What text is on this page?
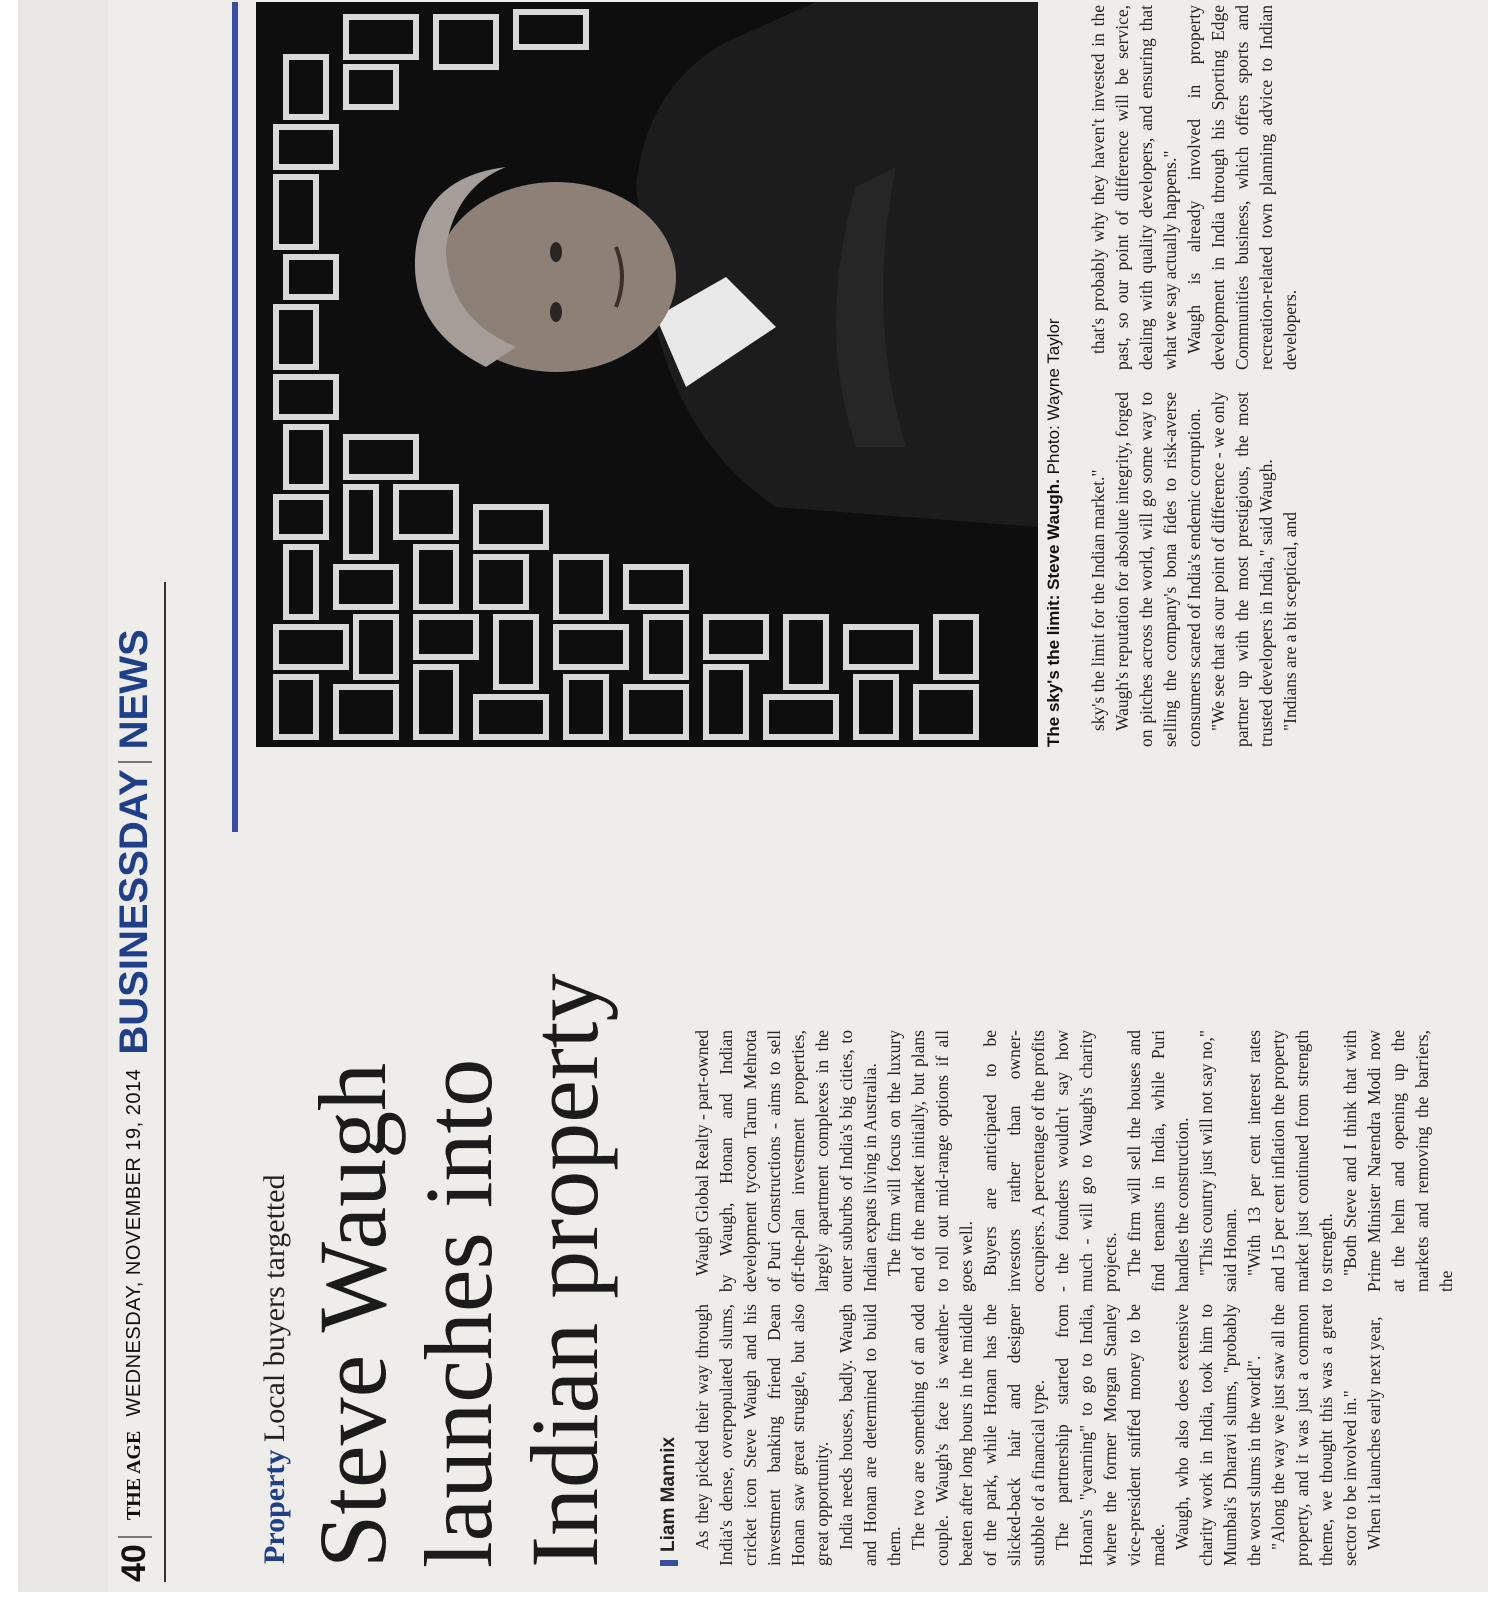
40THE AGE WEDNESDAY, NOVEMBER 19, 2014 BUSINESSDAYNEWS
Property Local buyers targetted Steve Waugh launches into Indian property Liam Mannix As they picked their way through India's dense, overpopulated slums, cricket icon Steve Waugh and his investment banking friend Dean Honan saw great struggle, but also great opportunity. India needs houses, badly. Waugh and Honan are determined to build them. The two are something of an odd couple. Waugh's face is weather-beaten after long hours in the middle of the park, while Honan has the slicked-back hair and designer stubble of a financial type. The partnership started from Honan's "yearning" to go to India, where the former Morgan Stanley vice-president sniffed money to be made. Waugh, who also does extensive charity work in India, took him to Mumbai's Dharavi slums, "probably the worst slums in the world". "Along the way we just saw all the property, and it was just a common theme, we thought this was a great sector to be involved in." When it launches early next year,

Waugh Global Realty - part-owned by Waugh, Honan and Indian development tycoon Tarun Mehrota of Puri Constructions - aims to sell off-the-plan investment properties, largely apartment complexes in the outer suburbs of India's big cities, to Indian expats living in Australia. The firm will focus on the luxury end of the market initially, but plans to roll out mid-range options if all goes well. Buyers are anticipated to be investors rather than owner-occupiers. A percentage of the profits - the founders wouldn't say how much - will go to Waugh's charity projects. The firm will sell the houses and find tenants in India, while Puri handles the construction. "This country just will not say no," said Honan. "With 13 per cent interest rates and 15 per cent inflation the property market just continued from strength to strength. "Both Steve and I think that with Prime Minister Narendra Modi now at the helm and opening up the markets and removing the barriers, the

sky's the limit for the Indian market." Waugh's reputation for absolute integrity, forged on pitches across the world, will go some way to selling the company's bona fides to risk-averse consumers scared of India's endemic corruption. "We see that as our point of difference - we only partner up with the most prestigious, the most trusted developers in India," said Waugh. "Indians are a bit sceptical, and

that's probably why they haven't invested in the past, so our point of difference will be service, dealing with quality developers, and ensuring that what we say actually happens." Waugh is already involved in property development in India through his Sporting Edge Communities business, which offers sports and recreation-related town planning advice to Indian developers.

The sky's the limit: Steve Waugh. Photo: Wayne Taylor
